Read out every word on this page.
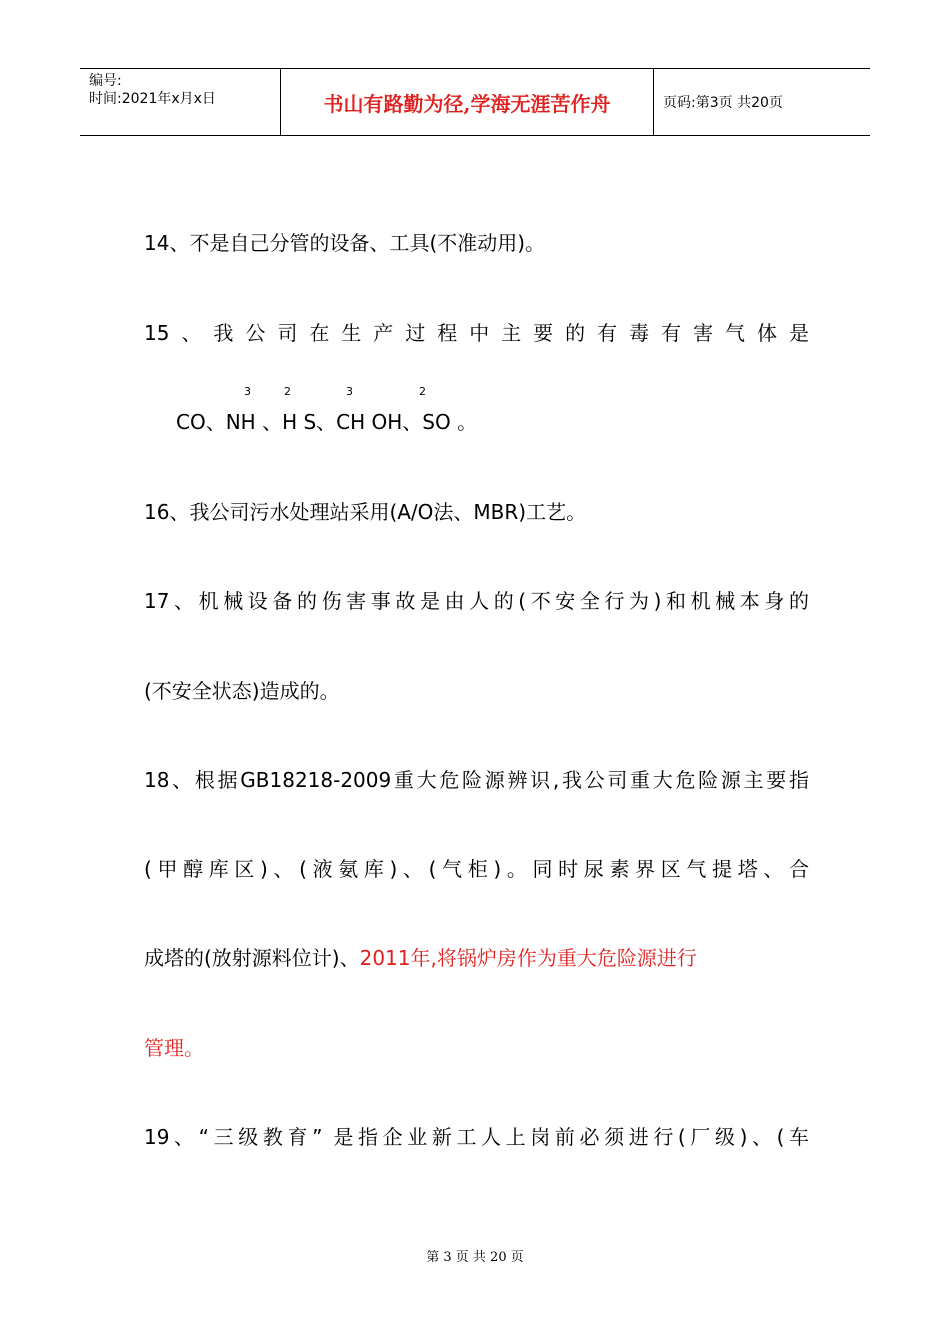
编号:
时间:2021年x月x日	书山有路勤为径,学海无涯苦作舟	页码:第3页 共20页
14、不是自己分管的设备、工具(不准动用)。
15、我公司在生产过程中主要的有毒有害气体是
3	2	3	2
CO、NH 、H S、CH OH、SO 。
16、我公司污水处理站采用(A/O法、MBR)工艺。
17、机械设备的伤害事故是由人的(不安全行为)和机械本身的
(不安全状态)造成的。
18、根据GB18218-2009重大危险源辨识,我公司重大危险源主要指
(甲醇库区)、(液氨库)、(气柜)。同时尿素界区气提塔、合
成塔的(放射源料位计)、2011年,将锅炉房作为重大危险源进行
管理。
19、“三级教育” 是指企业新工人上岗前必须进行(厂级)、(车
第 3 页 共 20 页
